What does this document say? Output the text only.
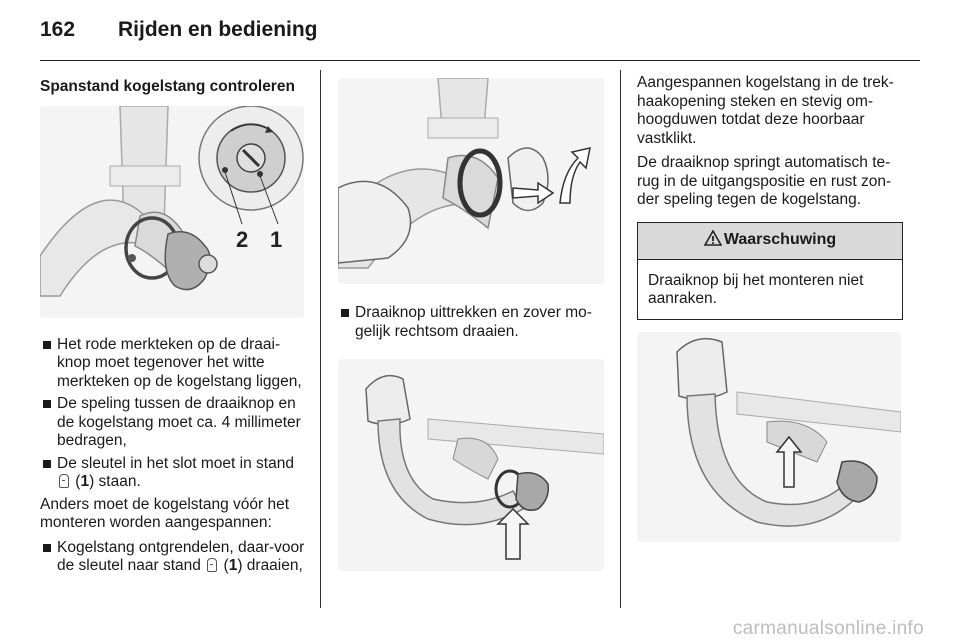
162	Rijden en bediening
Spanstand kogelstang controleren
2 1
Het rode merkteken op de draai-knop moet tegenover het witte merkteken op de kogelstang liggen,
De speling tussen de draaiknop en de kogelstang moet ca. 4 millimeter bedragen,
De sleutel in het slot moet in stand  (1) staan.

Anders moet de kogelstang vóór het monteren worden aangespannen:

Kogelstang ontgrendelen, daar-voor de sleutel naar stand  (1) draaien,
Draaiknop uittrekken en zover mo-gelijk rechtsom draaien.

Aangespannen kogelstang in de trek-haakopening steken en stevig om-hoogduwen totdat deze hoorbaar vastklikt.

De draaiknop springt automatisch te-rug in de uitgangspositie en rust zon-der speling tegen de kogelstang.

Waarschuwing
Draaiknop bij het monteren niet aanraken.
carmanualsonline.info
